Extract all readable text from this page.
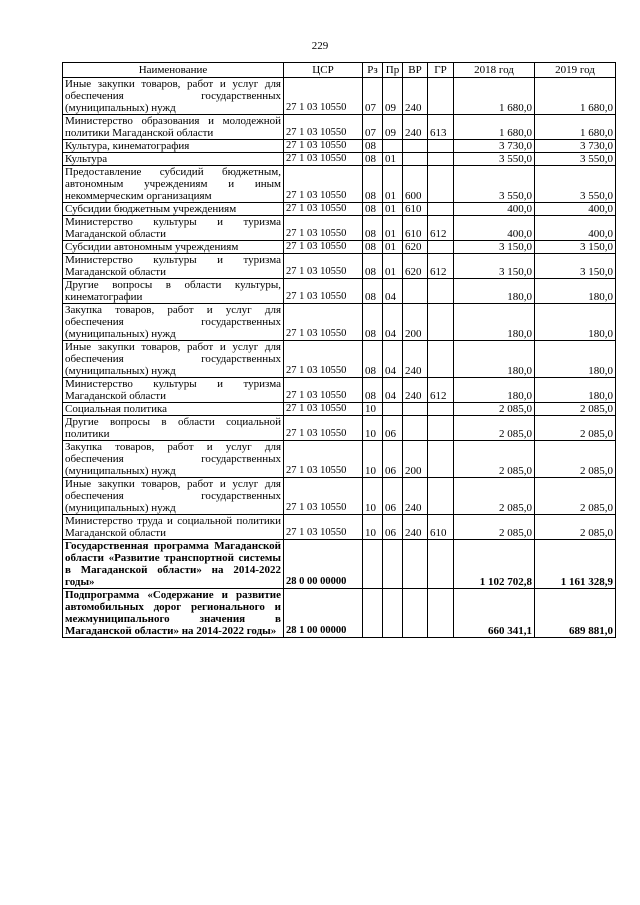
229
Наименование	ЦСР	Рз	Пр	ВР	ГР	2018 год	2019 год
Иные закупки товаров, работ и услуг для обеспечения государственных (муниципальных) нужд	27 1 03 10550	07	09	240		1 680,0	1 680,0
Министерство образования и молодежной политики Магаданской области	27 1 03 10550	07	09	240	613	1 680,0	1 680,0
Культура, кинематография	27 1 03 10550	08				3 730,0	3 730,0
Культура	27 1 03 10550	08	01			3 550,0	3 550,0
Предоставление субсидий бюджетным, автономным учреждениям и иным некоммерческим организациям	27 1 03 10550	08	01	600		3 550,0	3 550,0
Субсидии бюджетным учреждениям	27 1 03 10550	08	01	610		400,0	400,0
Министерство культуры и туризма Магаданской области	27 1 03 10550	08	01	610	612	400,0	400,0
Субсидии автономным учреждениям	27 1 03 10550	08	01	620		3 150,0	3 150,0
Министерство культуры и туризма Магаданской области	27 1 03 10550	08	01	620	612	3 150,0	3 150,0
Другие вопросы в области культуры, кинематографии	27 1 03 10550	08	04			180,0	180,0
Закупка товаров, работ и услуг для обеспечения государственных (муниципальных) нужд	27 1 03 10550	08	04	200		180,0	180,0
Иные закупки товаров, работ и услуг для обеспечения государственных (муниципальных) нужд	27 1 03 10550	08	04	240		180,0	180,0
Министерство культуры и туризма Магаданской области	27 1 03 10550	08	04	240	612	180,0	180,0
Социальная политика	27 1 03 10550	10				2 085,0	2 085,0
Другие вопросы в области социальной политики	27 1 03 10550	10	06			2 085,0	2 085,0
Закупка товаров, работ и услуг для обеспечения государственных (муниципальных) нужд	27 1 03 10550	10	06	200		2 085,0	2 085,0
Иные закупки товаров, работ и услуг для обеспечения государственных (муниципальных) нужд	27 1 03 10550	10	06	240		2 085,0	2 085,0
Министерство труда и социальной политики Магаданской области	27 1 03 10550	10	06	240	610	2 085,0	2 085,0
Государственная программа Магаданской области «Развитие транспортной системы в Магаданской области» на 2014-2022 годы»	28 0 00 00000					1 102 702,8	1 161 328,9
Подпрограмма «Содержание и развитие автомобильных дорог регионального и межмуниципального значения в Магаданской области» на 2014-2022 годы»	28 1 00 00000					660 341,1	689 881,0
